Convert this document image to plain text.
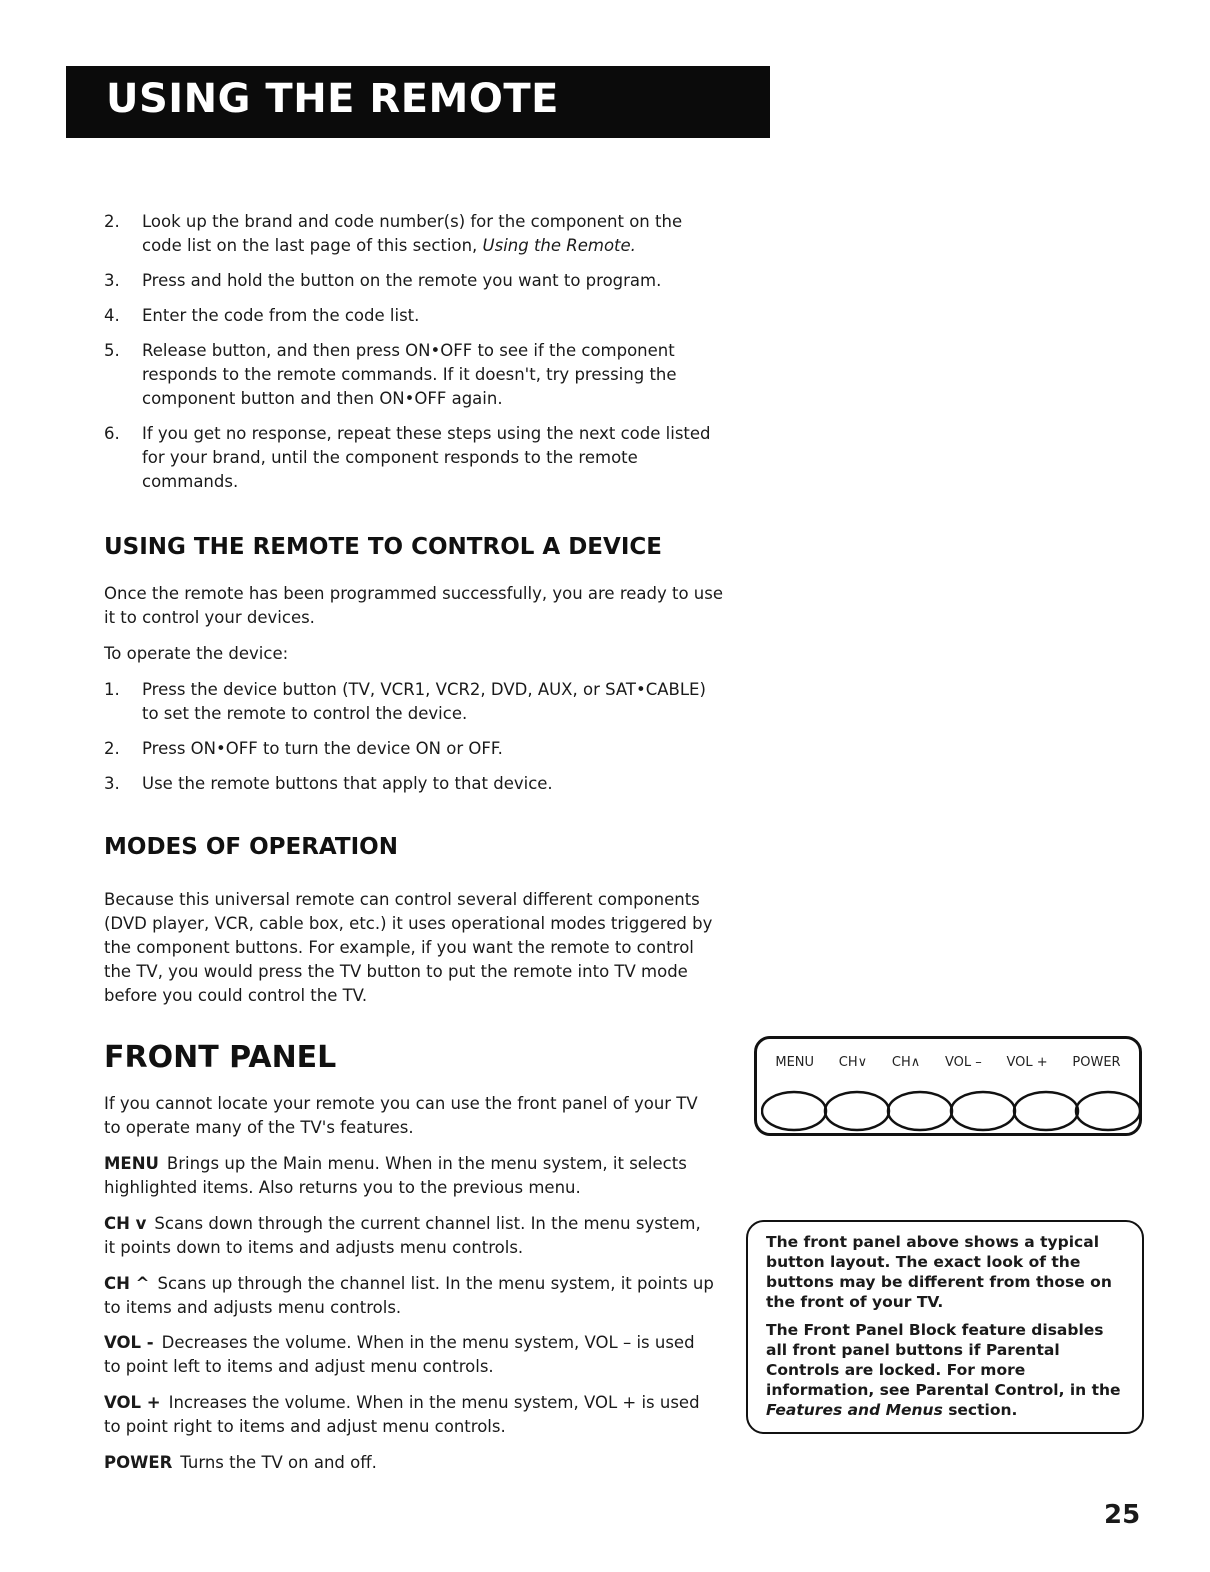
USING THE REMOTE
2. Look up the brand and code number(s) for the component on the code list on the last page of this section, Using the Remote.
3. Press and hold the button on the remote you want to program.
4. Enter the code from the code list.
5. Release button, and then press ON•OFF to see if the component responds to the remote commands. If it doesn't, try pressing the component button and then ON•OFF again.
6. If you get no response, repeat these steps using the next code listed for your brand, until the component responds to the remote commands.
USING THE REMOTE TO CONTROL A DEVICE

Once the remote has been programmed successfully, you are ready to use it to control your devices.

To operate the device:

1. Press the device button (TV, VCR1, VCR2, DVD, AUX, or SAT•CABLE) to set the remote to control the device.
2. Press ON•OFF to turn the device ON or OFF.
3. Use the remote buttons that apply to that device.
MODES OF OPERATION

Because this universal remote can control several different components (DVD player, VCR, cable box, etc.) it uses operational modes triggered by the component buttons. For example, if you want the remote to control the TV, you would press the TV button to put the remote into TV mode before you could control the TV.

FRONT PANEL

If you cannot locate your remote you can use the front panel of your TV to operate many of the TV's features.

MENU Brings up the Main menu. When in the menu system, it selects highlighted items. Also returns you to the previous menu.

CH v Scans down through the current channel list. In the menu system, it points down to items and adjusts menu controls.

CH ^ Scans up through the channel list. In the menu system, it points up to items and adjusts menu controls.

VOL - Decreases the volume. When in the menu system, VOL – is used to point left to items and adjust menu controls.

VOL + Increases the volume. When in the menu system, VOL + is used to point right to items and adjust menu controls.

POWER Turns the TV on and off.

MENU CH∨ CH∧ VOL – VOL + POWER

The front panel above shows a typical button layout. The exact look of the buttons may be different from those on the front of your TV.

The Front Panel Block feature disables all front panel buttons if Parental Controls are locked. For more information, see Parental Control, in the Features and Menus section.

25
